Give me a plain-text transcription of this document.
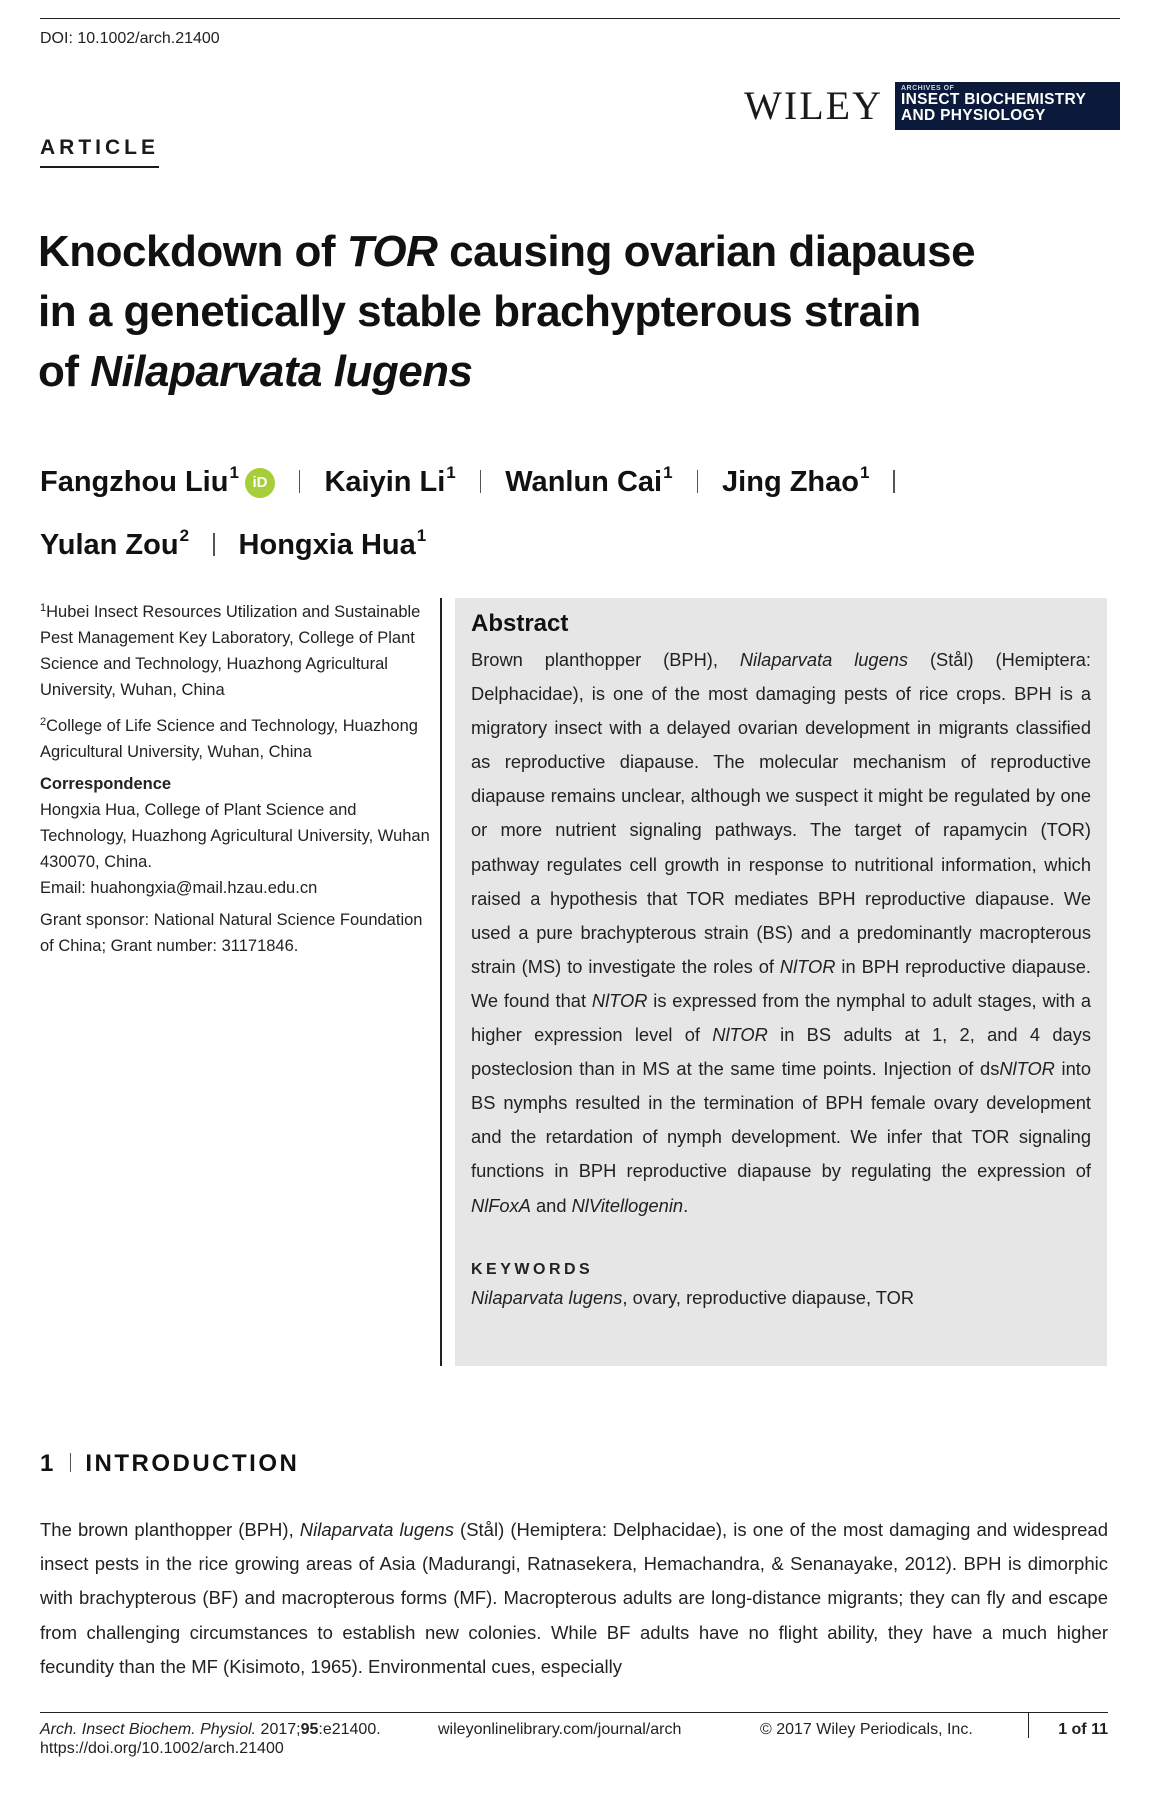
DOI: 10.1002/arch.21400
WILEY	ARCHIVES OF
INSECT BIOCHEMISTRY
AND PHYSIOLOGY
ARTICLE
Knockdown of TOR causing ovarian diapause
in a genetically stable brachypterous strain
of Nilaparvata lugens
Fangzhou Liu$^1$iD Kaiyin Li$^1$ Wanlun Cai$^1$ Jing Zhao$^1$
Yulan Zou$^2$ Hongxia Hua$^1$

$^1$Hubei Insect Resources Utilization and Sustainable Pest Management Key Laboratory, College of Plant Science and Technology, Huazhong Agricultural University, Wuhan, China

$^2$College of Life Science and Technology, Huazhong Agricultural University, Wuhan, China

Correspondence

Hongxia Hua, College of Plant Science and Technology, Huazhong Agricultural University, Wuhan 430070, China.
Email: huahongxia@mail.hzau.edu.cn

Grant sponsor: National Natural Science Foundation of China; Grant number: 31171846.

Abstract

Brown planthopper (BPH), Nilaparvata lugens (Stål) (Hemiptera: Delphacidae), is one of the most damaging pests of rice crops. BPH is a migratory insect with a delayed ovarian development in migrants classified as reproductive diapause. The molecular mechanism of reproductive diapause remains unclear, although we suspect it might be regulated by one or more nutrient signaling pathways. The target of rapamycin (TOR) pathway regulates cell growth in response to nutritional information, which raised a hypothesis that TOR mediates BPH reproductive diapause. We used a pure brachypterous strain (BS) and a predominantly macropterous strain (MS) to investigate the roles of NlTOR in BPH reproductive diapause. We found that NlTOR is expressed from the nymphal to adult stages, with a higher expression level of NlTOR in BS adults at 1, 2, and 4 days posteclosion than in MS at the same time points. Injection of dsNlTOR into BS nymphs resulted in the termination of BPH female ovary development and the retardation of nymph development. We infer that TOR signaling functions in BPH reproductive diapause by regulating the expression of NlFoxA and NlVitellogenin.

KEYWORDS
Nilaparvata lugens, ovary, reproductive diapause, TOR
1 INTRODUCTION

The brown planthopper (BPH), Nilaparvata lugens (Stål) (Hemiptera: Delphacidae), is one of the most damaging and widespread insect pests in the rice growing areas of Asia (Madurangi, Ratnasekera, Hemachandra, & Senanayake, 2012). BPH is dimorphic with brachypterous (BF) and macropterous forms (MF). Macropterous adults are long-distance migrants; they can fly and escape from challenging circumstances to establish new colonies. While BF adults have no flight ability, they have a much higher fecundity than the MF (Kisimoto, 1965). Environmental cues, especially

Arch. Insect Biochem. Physiol. 2017;95:e21400.
https://doi.org/10.1002/arch.21400
wileyonlinelibrary.com/journal/arch	© 2017 Wiley Periodicals, Inc.	1 of 11
